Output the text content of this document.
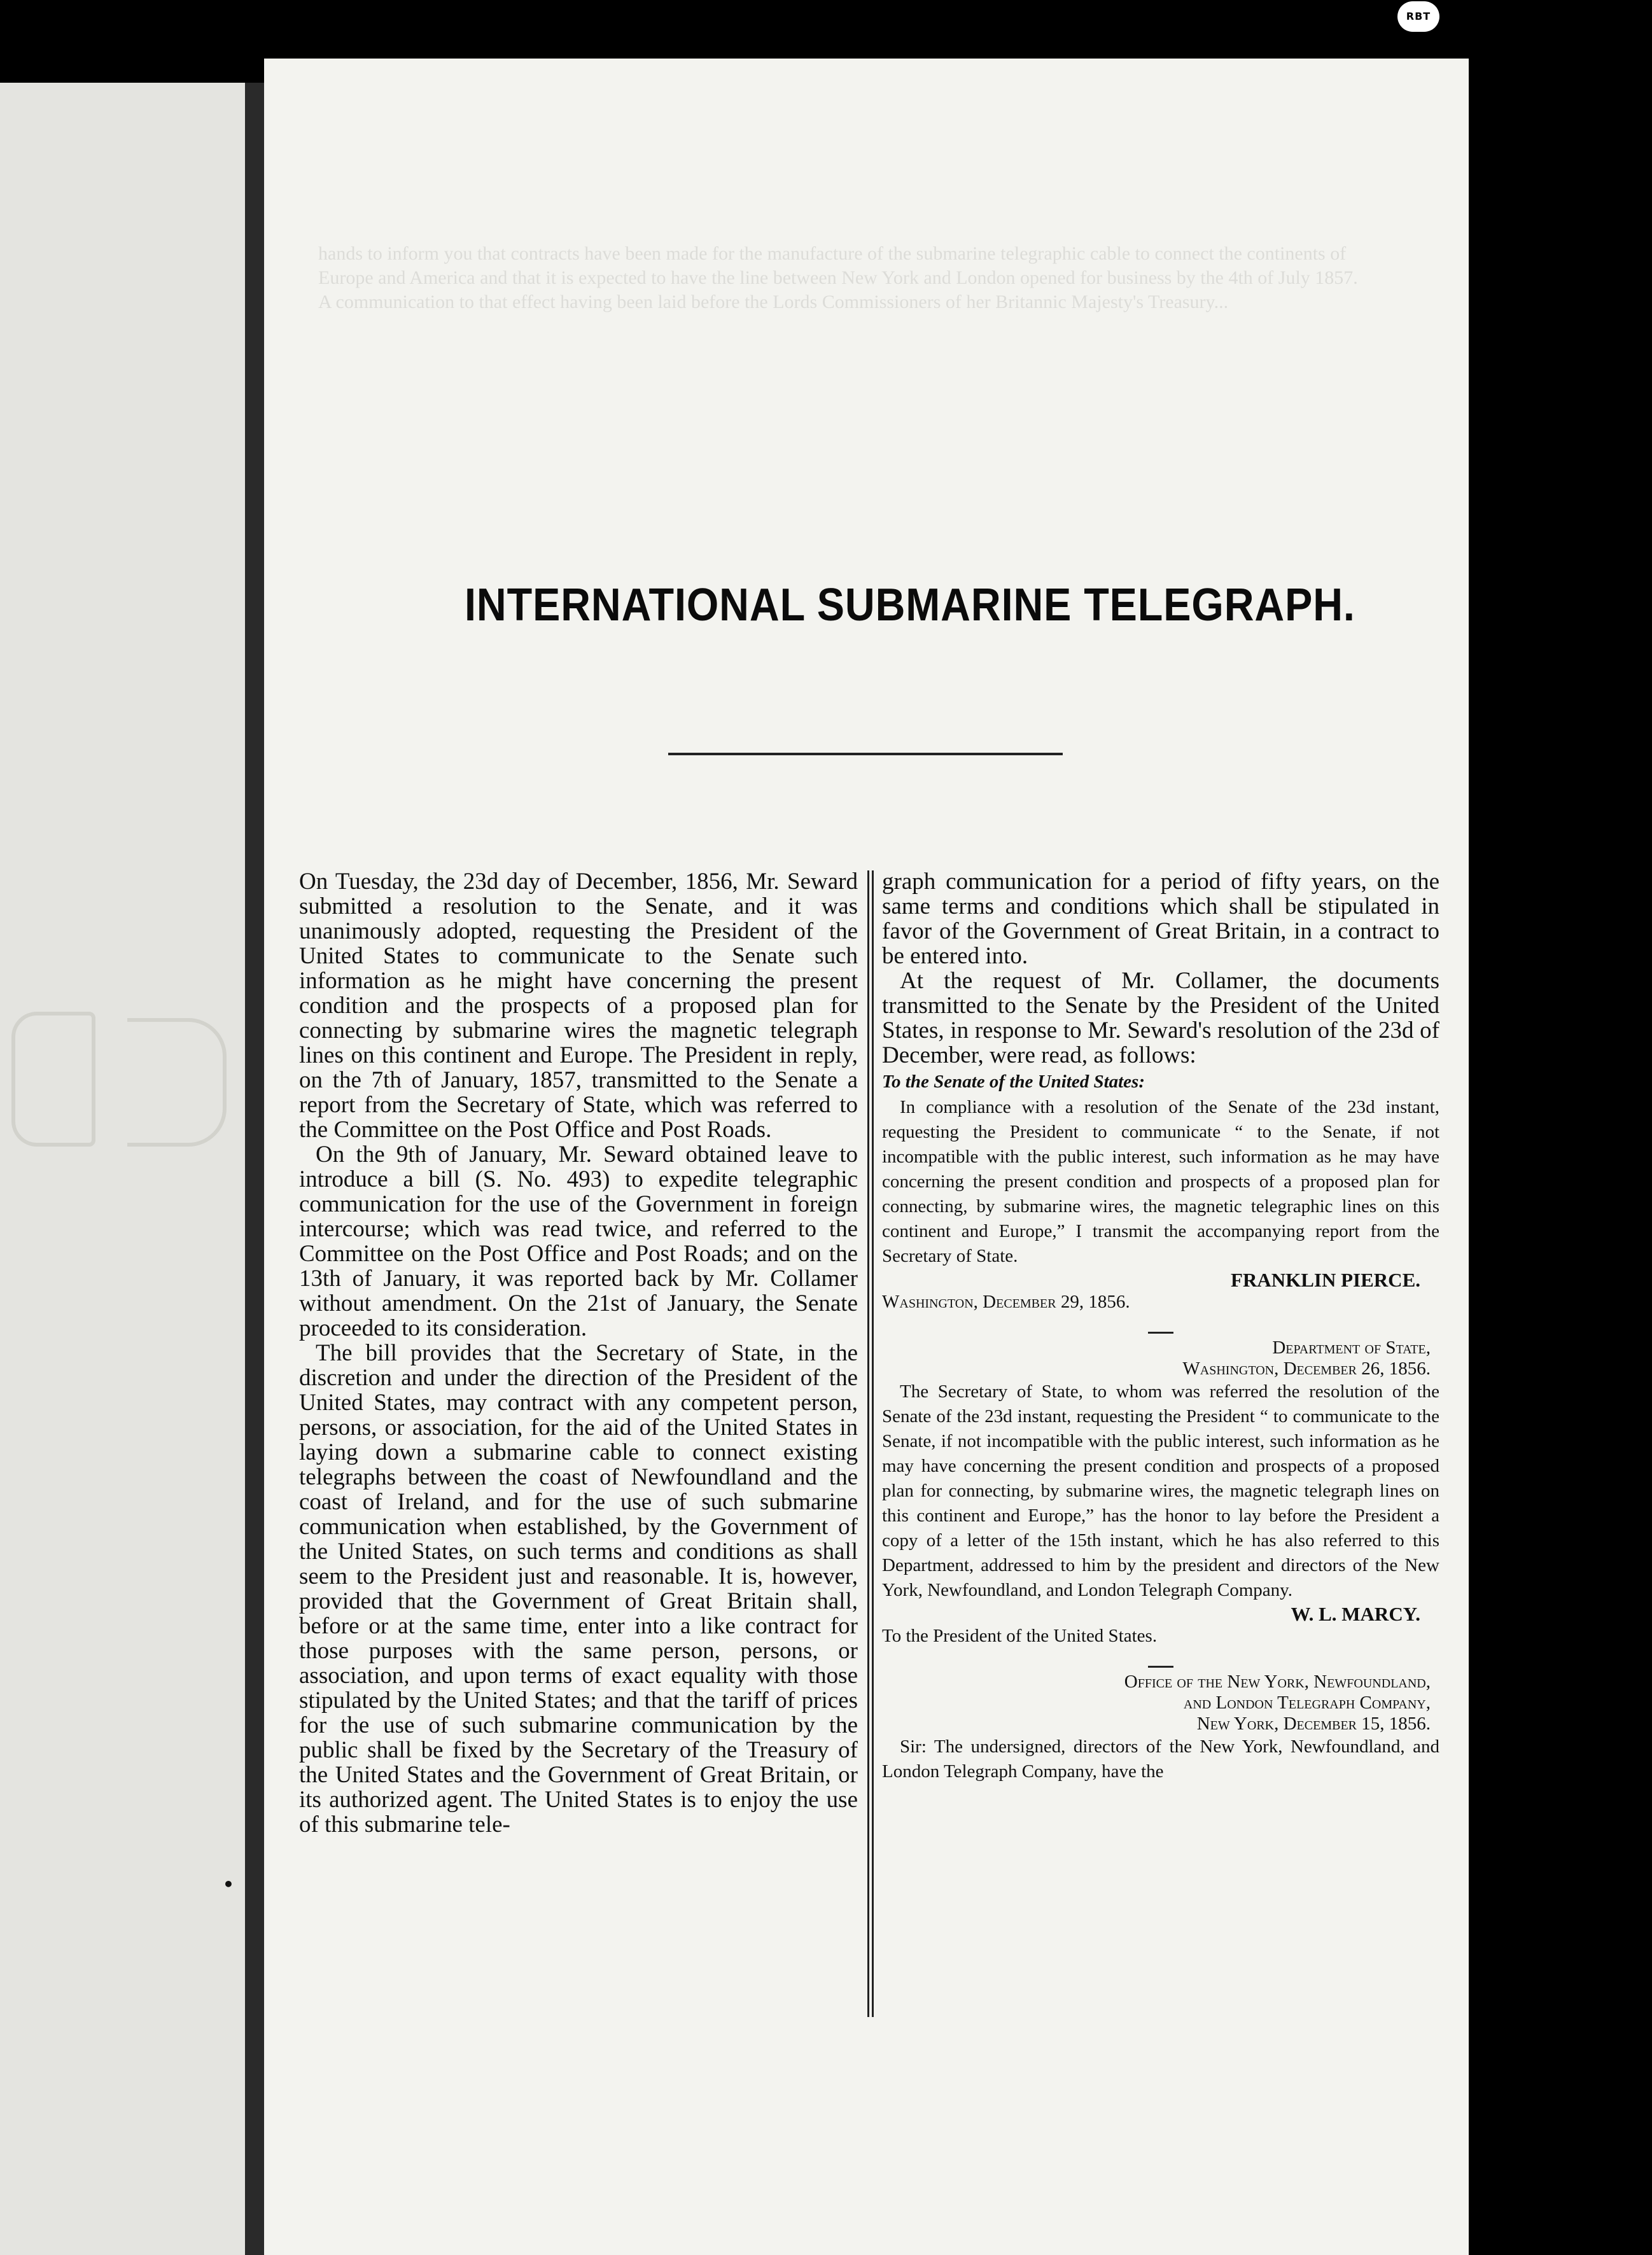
RBT
hands to inform you that contracts have been made for the manufacture of the submarine telegraphic cable to connect the continents of Europe and America and that it is expected to have the line between New York and London opened for business by the 4th of July 1857. A communication to that effect having been laid before the Lords Commissioners of her Britannic Majesty's Treasury...
INTERNATIONAL SUBMARINE TELEGRAPH.

On Tuesday, the 23d day of December, 1856, Mr. Seward submitted a resolution to the Senate, and it was unanimously adopted, requesting the President of the United States to communicate to the Senate such information as he might have concerning the present condition and the prospects of a proposed plan for connecting by submarine wires the magnetic telegraph lines on this continent and Europe. The President in reply, on the 7th of January, 1857, transmitted to the Senate a report from the Secretary of State, which was referred to the Committee on the Post Office and Post Roads.

On the 9th of January, Mr. Seward obtained leave to introduce a bill (S. No. 493) to expedite telegraphic communication for the use of the Government in foreign intercourse; which was read twice, and referred to the Committee on the Post Office and Post Roads; and on the 13th of January, it was reported back by Mr. Collamer without amendment. On the 21st of January, the Senate proceeded to its consideration.

The bill provides that the Secretary of State, in the discretion and under the direction of the President of the United States, may contract with any competent person, persons, or association, for the aid of the United States in laying down a submarine cable to connect existing telegraphs between the coast of Newfoundland and the coast of Ireland, and for the use of such submarine communication when established, by the Government of the United States, on such terms and conditions as shall seem to the President just and reasonable. It is, however, provided that the Government of Great Britain shall, before or at the same time, enter into a like contract for those purposes with the same person, persons, or association, and upon terms of exact equality with those stipulated by the United States; and that the tariff of prices for the use of such submarine communication by the public shall be fixed by the Secretary of the Treasury of the United States and the Government of Great Britain, or its authorized agent. The United States is to enjoy the use of this submarine tele-

graph communication for a period of fifty years, on the same terms and conditions which shall be stipulated in favor of the Government of Great Britain, in a contract to be entered into.

At the request of Mr. Collamer, the documents transmitted to the Senate by the President of the United States, in response to Mr. Seward's resolution of the 23d of December, were read, as follows:

To the Senate of the United States:

In compliance with a resolution of the Senate of the 23d instant, requesting the President to communicate “ to the Senate, if not incompatible with the public interest, such information as he may have concerning the present condition and prospects of a proposed plan for connecting, by submarine wires, the magnetic telegraphic lines on this continent and Europe,” I transmit the accompanying report from the Secretary of State.

FRANKLIN PIERCE.

Washington, December 29, 1856.

Department of State,

Washington, December 26, 1856.

The Secretary of State, to whom was referred the resolution of the Senate of the 23d instant, requesting the President “ to communicate to the Senate, if not incompatible with the public interest, such information as he may have concerning the present condition and prospects of a proposed plan for connecting, by submarine wires, the magnetic telegraph lines on this continent and Europe,” has the honor to lay before the President a copy of a letter of the 15th instant, which he has also referred to this Department, addressed to him by the president and directors of the New York, Newfoundland, and London Telegraph Company.

W. L. MARCY.

To the President of the United States.

Office of the New York, Newfoundland,

and London Telegraph Company,

New York, December 15, 1856.

Sir: The undersigned, directors of the New York, Newfoundland, and London Telegraph Company, have the

•
